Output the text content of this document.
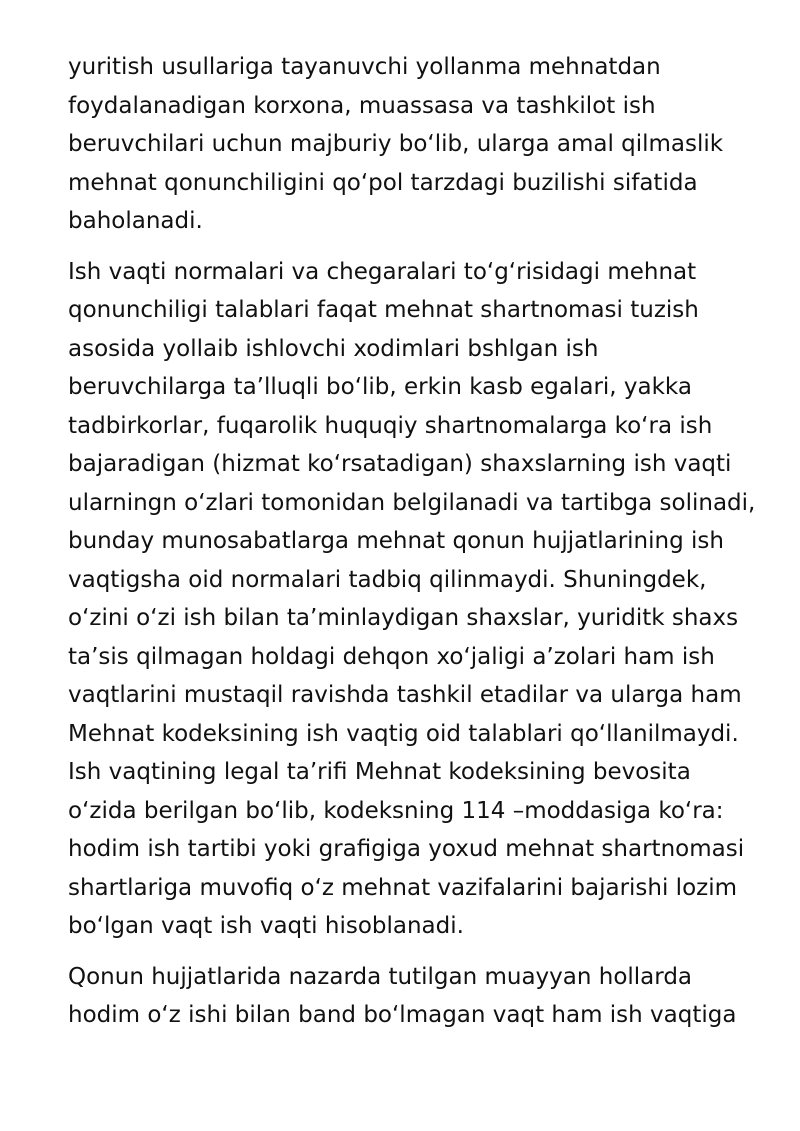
yuritish usullariga tayanuvchi yollanma mehnatdan
foydalanadigan korxona, muassasa va tashkilot ish
beruvchilari uchun majburiy bo‘lib, ularga amal qilmaslik
mehnat qonunchiligini qo‘pol tarzdagi buzilishi sifatida
baholanadi.

Ish vaqti normalari va chegaralari to‘g‘risidagi mehnat
qonunchiligi talablari faqat mehnat shartnomasi tuzish
asosida yollaib ishlovchi xodimlari bshlgan ish
beruvchilarga ta’lluqli bo‘lib, erkin kasb egalari, yakka
tadbirkorlar, fuqarolik huquqiy shartnomalarga ko‘ra ish
bajaradigan (hizmat ko‘rsatadigan) shaxslarning ish vaqti
ularningn o‘zlari tomonidan belgilanadi va tartibga solinadi,
bunday munosabatlarga mehnat qonun hujjatlarining ish
vaqtigsha oid normalari tadbiq qilinmaydi. Shuningdek,
o‘zini o‘zi ish bilan ta’minlaydigan shaxslar, yuriditk shaxs
ta’sis qilmagan holdagi dehqon xo‘jaligi a’zolari ham ish
vaqtlarini mustaqil ravishda tashkil etadilar va ularga ham
Mehnat kodeksining ish vaqtig oid talablari qo‘llanilmaydi.
Ish vaqtining legal ta’rifi Mehnat kodeksining bevosita
o‘zida berilgan bo‘lib, kodeksning 114 –moddasiga ko‘ra:
hodim ish tartibi yoki grafigiga yoxud mehnat shartnomasi
shartlariga muvofiq o‘z mehnat vazifalarini bajarishi lozim
bo‘lgan vaqt ish vaqti hisoblanadi.

Qonun hujjatlarida nazarda tutilgan muayyan hollarda
hodim o‘z ishi bilan band bo‘lmagan vaqt ham ish vaqtiga
